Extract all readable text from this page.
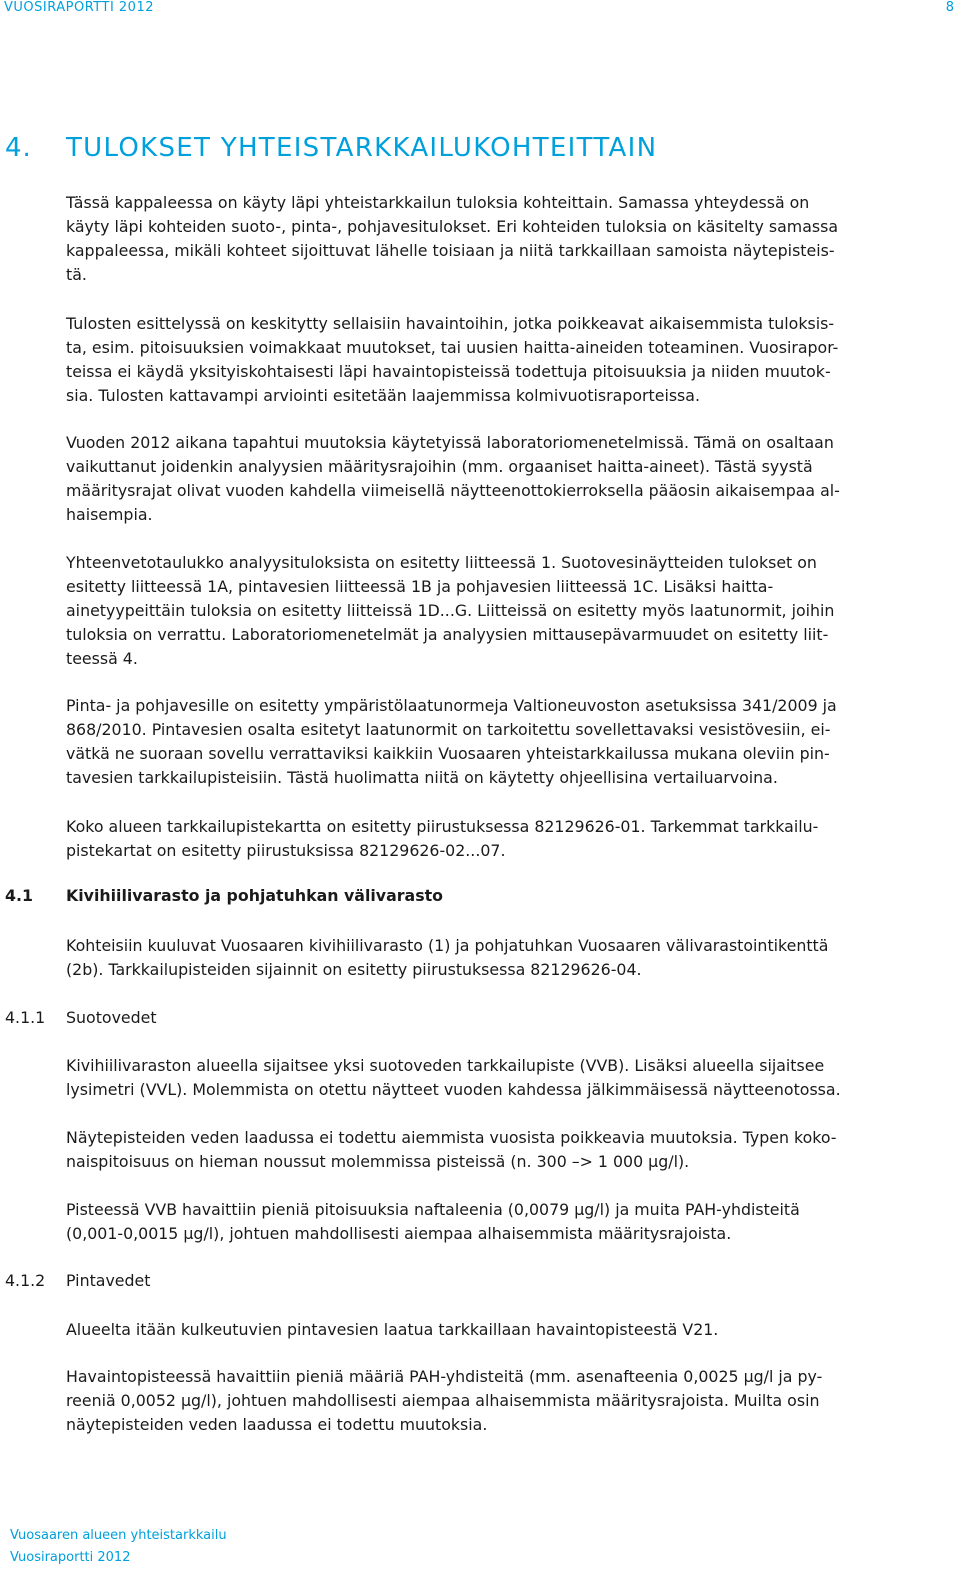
VUOSIRAPORTTI 2012	8
4. TULOKSET YHTEISTARKKAILUKOHTEITTAIN
Tässä kappaleessa on käyty läpi yhteistarkkailun tuloksia kohteittain. Samassa yhteydessä on
käyty läpi kohteiden suoto-, pinta-, pohjavesitulokset. Eri kohteiden tuloksia on käsitelty samassa
kappaleessa, mikäli kohteet sijoittuvat lähelle toisiaan ja niitä tarkkaillaan samoista näytepisteis-
tä.
Tulosten esittelyssä on keskitytty sellaisiin havaintoihin, jotka poikkeavat aikaisemmista tuloksis-
ta, esim. pitoisuuksien voimakkaat muutokset, tai uusien haitta-aineiden toteaminen. Vuosirapor-
teissa ei käydä yksityiskohtaisesti läpi havaintopisteissä todettuja pitoisuuksia ja niiden muutok-
sia. Tulosten kattavampi arviointi esitetään laajemmissa kolmivuotisraporteissa.
Vuoden 2012 aikana tapahtui muutoksia käytetyissä laboratoriomenetelmissä. Tämä on osaltaan
vaikuttanut joidenkin analyysien määritysrajoihin (mm. orgaaniset haitta-aineet). Tästä syystä
määritysrajat olivat vuoden kahdella viimeisellä näytteenottokierroksella pääosin aikaisempaa al-
haisempia.
Yhteenvetotaulukko analyysituloksista on esitetty liitteessä 1. Suotovesinäytteiden tulokset on
esitetty liitteessä 1A, pintavesien liitteessä 1B ja pohjavesien liitteessä 1C. Lisäksi haitta-
ainetyypeittäin tuloksia on esitetty liitteissä 1D...G. Liitteissä on esitetty myös laatunormit, joihin
tuloksia on verrattu. Laboratoriomenetelmät ja analyysien mittausepävarmuudet on esitetty liit-
teessä 4.
Pinta- ja pohjavesille on esitetty ympäristölaatunormeja Valtioneuvoston asetuksissa 341/2009 ja
868/2010. Pintavesien osalta esitetyt laatunormit on tarkoitettu sovellettavaksi vesistövesiin, ei-
vätkä ne suoraan sovellu verrattaviksi kaikkiin Vuosaaren yhteistarkkailussa mukana oleviin pin-
tavesien tarkkailupisteisiin. Tästä huolimatta niitä on käytetty ohjeellisina vertailuarvoina.
Koko alueen tarkkailupistekartta on esitetty piirustuksessa 82129626-01. Tarkemmat tarkkailu-
pistekartat on esitetty piirustuksissa 82129626-02...07.
4.1 Kivihiilivarasto ja pohjatuhkan välivarasto
Kohteisiin kuuluvat Vuosaaren kivihiilivarasto (1) ja pohjatuhkan Vuosaaren välivarastointikenttä
(2b). Tarkkailupisteiden sijainnit on esitetty piirustuksessa 82129626-04.
4.1.1 Suotovedet
Kivihiilivaraston alueella sijaitsee yksi suotoveden tarkkailupiste (VVB). Lisäksi alueella sijaitsee
lysimetri (VVL). Molemmista on otettu näytteet vuoden kahdessa jälkimmäisessä näytteenotossa.
Näytepisteiden veden laadussa ei todettu aiemmista vuosista poikkeavia muutoksia. Typen koko-
naispitoisuus on hieman noussut molemmissa pisteissä (n. 300 –> 1 000 μg/l).
Pisteessä VVB havaittiin pieniä pitoisuuksia naftaleenia (0,0079 μg/l) ja muita PAH-yhdisteitä
(0,001-0,0015 μg/l), johtuen mahdollisesti aiempaa alhaisemmista määritysrajoista.
4.1.2 Pintavedet
Alueelta itään kulkeutuvien pintavesien laatua tarkkaillaan havaintopisteestä V21.
Havaintopisteessä havaittiin pieniä määriä PAH-yhdisteitä (mm. asenafteenia 0,0025 μg/l ja py-
reeniä 0,0052 μg/l), johtuen mahdollisesti aiempaa alhaisemmista määritysrajoista. Muilta osin
näytepisteiden veden laadussa ei todettu muutoksia.
Vuosaaren alueen yhteistarkkailu
Vuosiraportti 2012
